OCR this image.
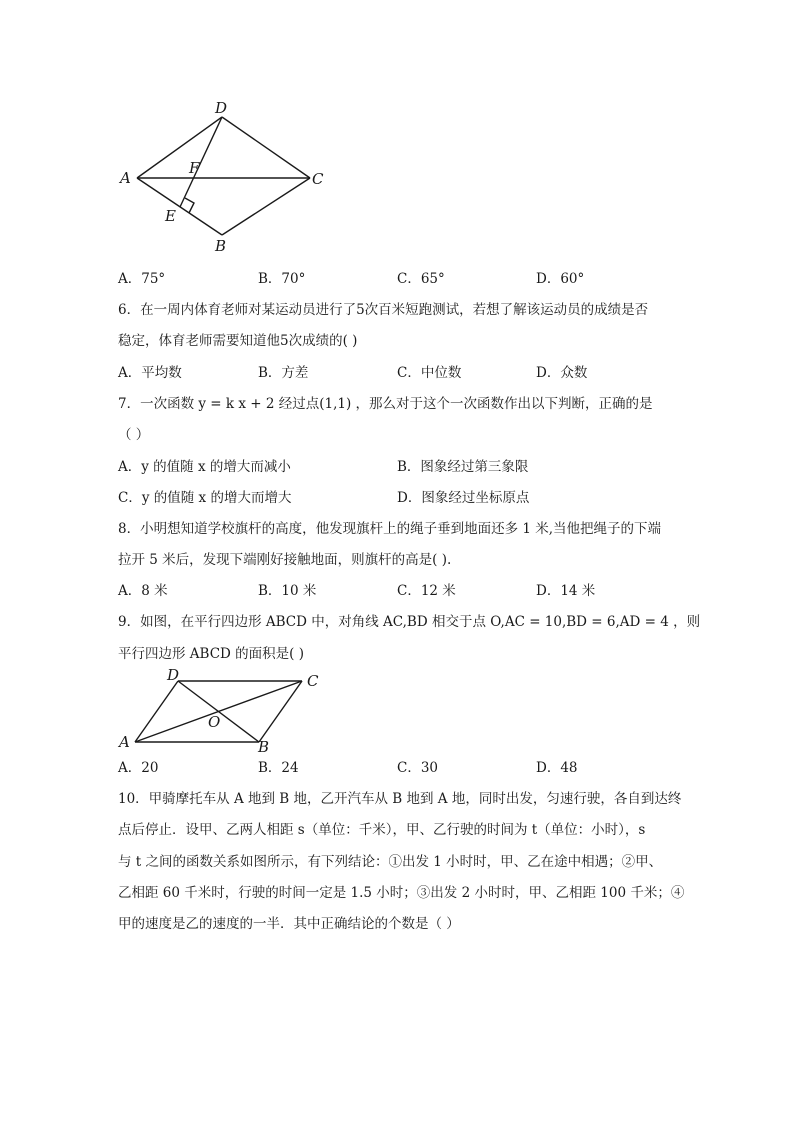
D
A
F
C
E
B
A．75°	B．70°	C．65°	D．60°
6．在一周内体育老师对某运动员进行了5次百米短跑测试，若想了解该运动员的成绩是否
稳定，体育老师需要知道他5次成绩的( )
A．平均数	B．方差	C．中位数	D．众数
7．一次函数 y = k x + 2 经过点(1,1) ，那么对于这个一次函数作出以下判断，正确的是
（ ）
A．y 的值随 x 的增大而减小	B．图象经过第三象限
C．y 的值随 x 的增大而增大	D．图象经过坐标原点
8．小明想知道学校旗杆的高度，他发现旗杆上的绳子垂到地面还多 1 米,当他把绳子的下端
拉开 5 米后，发现下端刚好接触地面，则旗杆的高是( ).
A．8 米	B．10 米	C．12 米	D．14 米
9．如图，在平行四边形 ABCD 中，对角线 AC,BD 相交于点 O,AC = 10,BD = 6,AD = 4 ，则
平行四边形 ABCD 的面积是( )
D	C
O
A	B
A．20	B．24	C．30	D．48
10．甲骑摩托车从 A 地到 B 地，乙开汽车从 B 地到 A 地，同时出发，匀速行驶，各自到达终
点后停止．设甲、乙两人相距 s（单位：千米），甲、乙行驶的时间为 t（单位：小时），s
与 t 之间的函数关系如图所示，有下列结论：①出发 1 小时时，甲、乙在途中相遇；②甲、
乙相距 60 千米时，行驶的时间一定是 1.5 小时；③出发 2 小时时，甲、乙相距 100 千米；④
甲的速度是乙的速度的一半．其中正确结论的个数是（ ）
